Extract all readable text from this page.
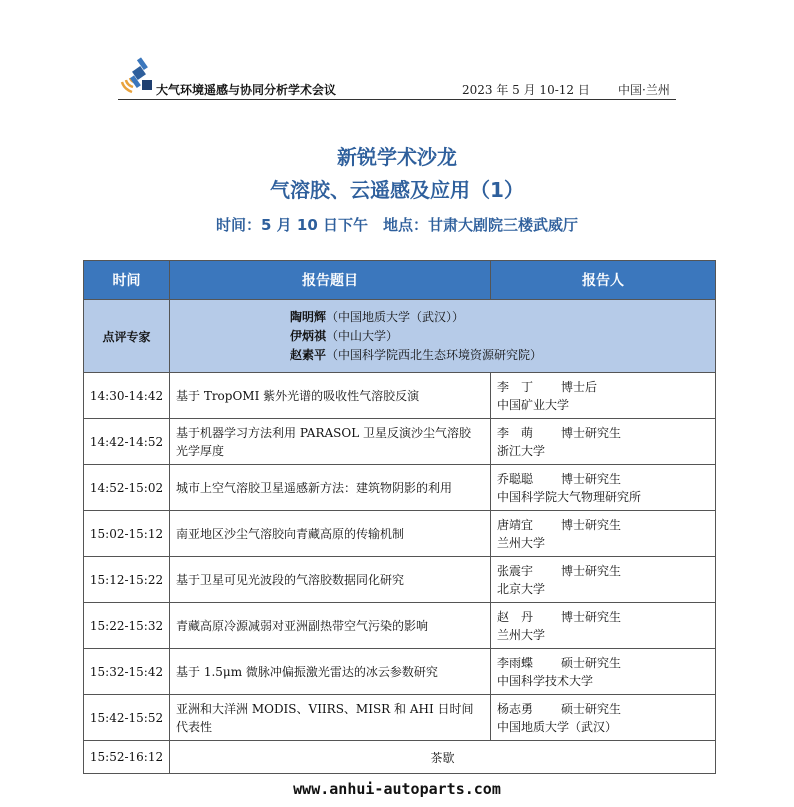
大气环境遥感与协同分析学术会议	2023 年 5 月 10-12 日 中国·兰州
新锐学术沙龙
气溶胶、云遥感及应用（1）
时间：5 月 10 日下午　地点：甘肃大剧院三楼武威厅
时间	报告题目	报告人
点评专家	陶明辉（中国地质大学（武汉））
伊炳祺（中山大学）
赵素平（中国科学院西北生态环境资源研究院）	

14:30-14:42	基于 TropOMI 紫外光谱的吸收性气溶胶反演	李　丁 博士后
中国矿业大学

14:42-14:52	基于机器学习方法利用 PARASOL 卫星反演沙尘气溶胶光学厚度	李　萌 博士研究生
浙江大学

14:52-15:02	城市上空气溶胶卫星遥感新方法：建筑物阴影的利用	乔聪聪 博士研究生
中国科学院大气物理研究所

15:02-15:12	南亚地区沙尘气溶胶向青藏高原的传输机制	唐靖宜 博士研究生
兰州大学

15:12-15:22	基于卫星可见光波段的气溶胶数据同化研究	张震宇 博士研究生
北京大学

15:22-15:32	青藏高原冷源减弱对亚洲副热带空气污染的影响	赵　丹 博士研究生
兰州大学

15:32-15:42	基于 1.5μm 微脉冲偏振激光雷达的冰云参数研究	李雨蝶 硕士研究生
中国科学技术大学

15:42-15:52	亚洲和大洋洲 MODIS、VIIRS、MISR 和 AHI 日时间代表性	杨志勇 硕士研究生
中国地质大学（武汉）

15:52-16:12	茶歇	
www.anhui-autoparts.com
